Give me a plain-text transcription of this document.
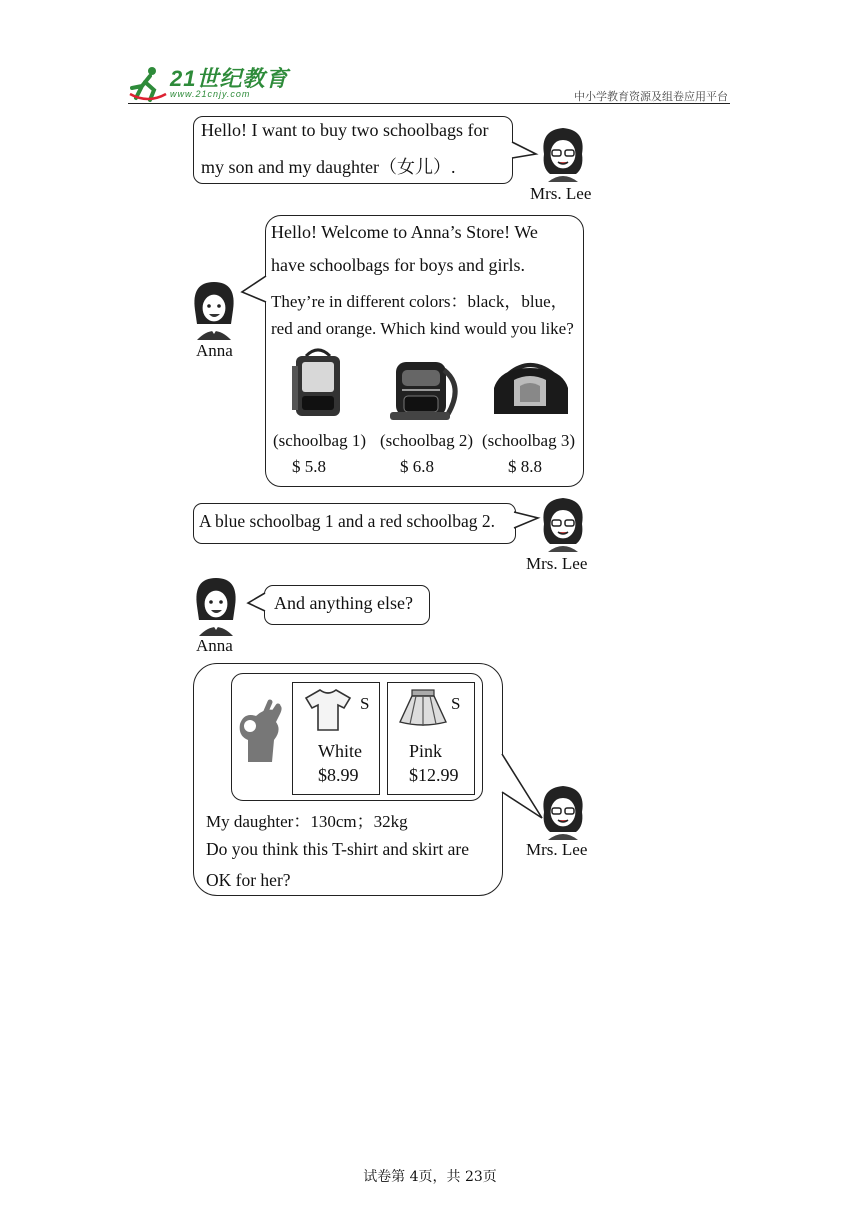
21世纪教育
www.21cnjy.com	中小学教育资源及组卷应用平台
Hello! I want to buy two schoolbags for
my son and my daughter（女儿）.
Mrs. Lee
Hello! Welcome to Anna’s Store! We
have schoolbags for boys and girls.
They’re in different colors：black，blue，
red and orange. Which kind would you like?
(schoolbag 1) (schoolbag 2) (schoolbag 3)
$ 5.8	$ 6.8	$ 8.8
Anna
A blue schoolbag 1 and a red schoolbag 2.
Mrs. Lee
And anything else?
Anna
S
White
$8.99
S
Pink
$12.99
My daughter：130cm；32kg
Do you think this T-shirt and skirt are
OK for her?
Mrs. Lee
试卷第 4页，共 23页
